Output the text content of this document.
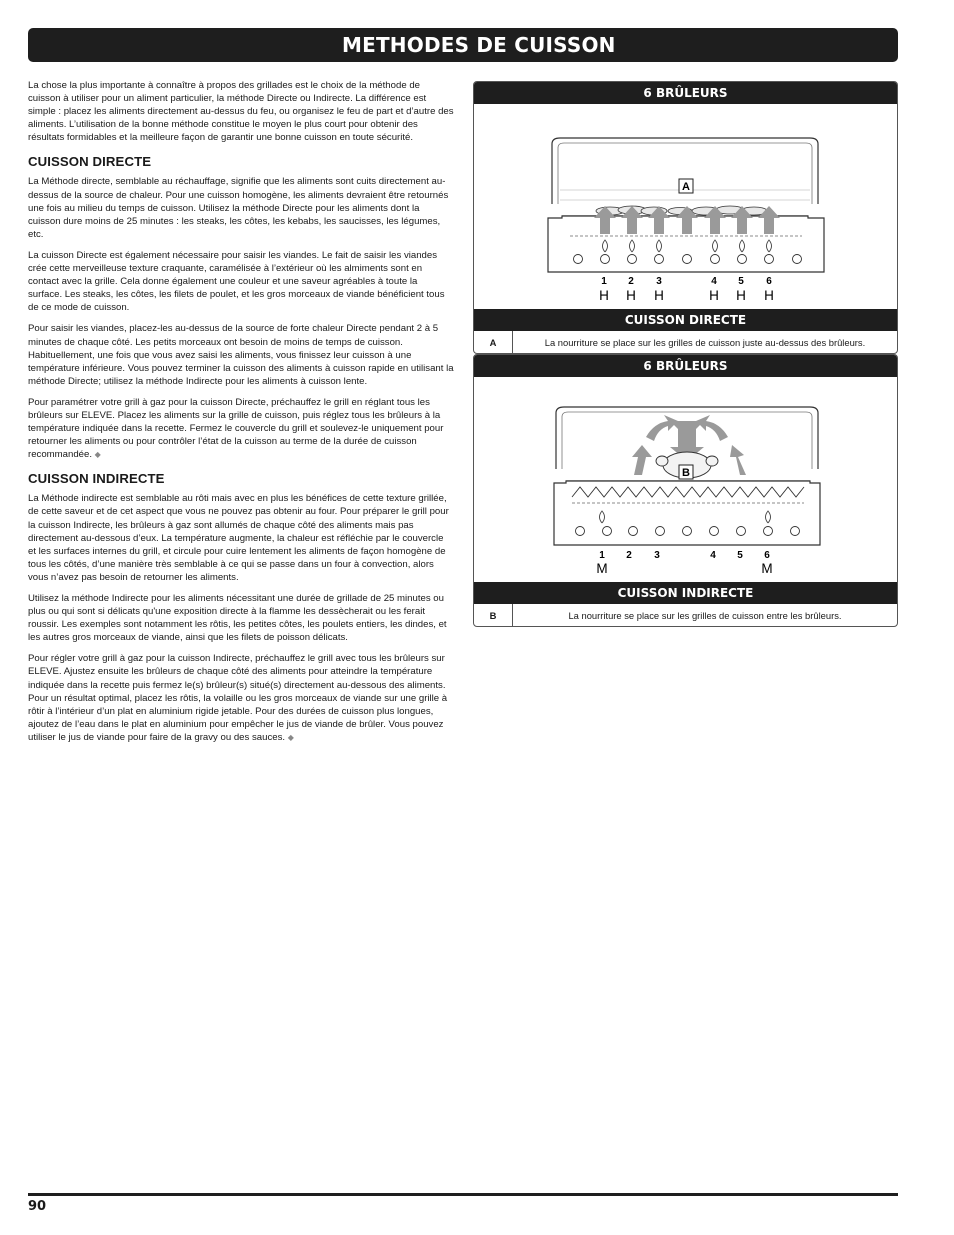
METHODES DE CUISSON

La chose la plus importante à connaître à propos des grillades est le choix de la méthode de cuisson à utiliser pour un aliment particulier, la méthode Directe ou Indirecte. La différence est simple : placez les aliments directement au-dessus du feu, ou organisez le feu de part et d’autre des aliments. L’utilisation de la bonne méthode constitue le moyen le plus court pour obtenir des résultats formidables et la meilleure façon de garantir une bonne cuisson en toute sécurité.

CUISSON DIRECTE

La Méthode directe, semblable au réchauffage, signifie que les aliments sont cuits directement au-dessus de la source de chaleur. Pour une cuisson homogène, les aliments devraient être retournés une fois au milieu du temps de cuisson. Utilisez la méthode Directe pour les aliments dont la cuisson dure moins de 25 minutes : les steaks, les côtes, les kebabs, les saucisses, les légumes, etc.

La cuisson Directe est également nécessaire pour saisir les viandes. Le fait de saisir les viandes crée cette merveilleuse texture craquante, caramélisée à l’extérieur où les almiments sont en contact avec la grille. Cela donne également une couleur et une saveur agréables à toute la surface. Les steaks, les côtes, les filets de poulet, et les gros morceaux de viande bénéficient tous de ce mode de cuisson.

Pour saisir les viandes, placez-les au-dessus de la source de forte chaleur Directe pendant 2 à 5 minutes de chaque côté. Les petits morceaux ont besoin de moins de temps de cuisson. Habituellement, une fois que vous avez saisi les aliments, vous finissez leur cuisson à une température inférieure. Vous pouvez terminer la cuisson des aliments à cuisson rapide en utilisant la méthode Directe; utilisez la méthode Indirecte pour les aliments à cuisson lente.

Pour paramétrer votre grill à gaz pour la cuisson Directe, préchauffez le grill en réglant tous les brûleurs sur ELEVE. Placez les aliments sur la grille de cuisson, puis réglez tous les brûleurs à la température indiquée dans la recette. Fermez le couvercle du grill et soulevez-le uniquement pour retourner les aliments ou pour contrôler l’état de la cuisson au terme de la durée de cuisson recommandée. ◆

CUISSON INDIRECTE

La Méthode indirecte est semblable au rôti mais avec en plus les bénéfices de cette texture grillée, de cette saveur et de cet aspect que vous ne pouvez pas obtenir au four. Pour préparer le grill pour la cuisson Indirecte, les brûleurs à gaz sont allumés de chaque côté des aliments mais pas directement au-dessous d’eux. La température augmente, la chaleur est réfléchie par le couvercle et les surfaces internes du grill, et circule pour cuire lentement les aliments de façon homogène de tous les côtés, d’une manière très semblable à ce qui se passe dans un four à convection, alors vous n’avez pas besoin de retourner les aliments.

Utilisez la méthode Indirecte pour les aliments nécessitant une durée de grillade de 25 minutes ou plus ou qui sont si délicats qu'une exposition directe à la flamme les dessècherait ou les ferait roussir. Les exemples sont notamment les rôtis, les petites côtes, les poulets entiers, les dindes, et les autres gros morceaux de viande, ainsi que les filets de poisson délicats.

Pour régler votre grill à gaz pour la cuisson Indirecte, préchauffez le grill avec tous les brûleurs sur ELEVE. Ajustez ensuite les brûleurs de chaque côté des aliments pour atteindre la température indiquée dans la recette puis fermez le(s) brûleur(s) situé(s) directement au-dessous des aliments. Pour un résultat optimal, placez les rôtis, la volaille ou les gros morceaux de viande sur une grille à rôtir à l’intérieur d’un plat en aluminium rigide jetable. Pour des durées de cuisson plus longues, ajoutez de l’eau dans le plat en aluminium pour empêcher le jus de viande de brûler. Vous pouvez utiliser le jus de viande pour faire de la gravy ou des sauces. ◆

6 BRÛLEURS
A
1 2 3	4 5 6
H H H	H H H
CUISSON DIRECTE
A	La nourriture se place sur les grilles de cuisson juste au-dessus des brûleurs.
6 BRÛLEURS
B
1 2 3	4 5 6
M	M
CUISSON INDIRECTE
B	La nourriture se place sur les grilles de cuisson entre les brûleurs.
90
